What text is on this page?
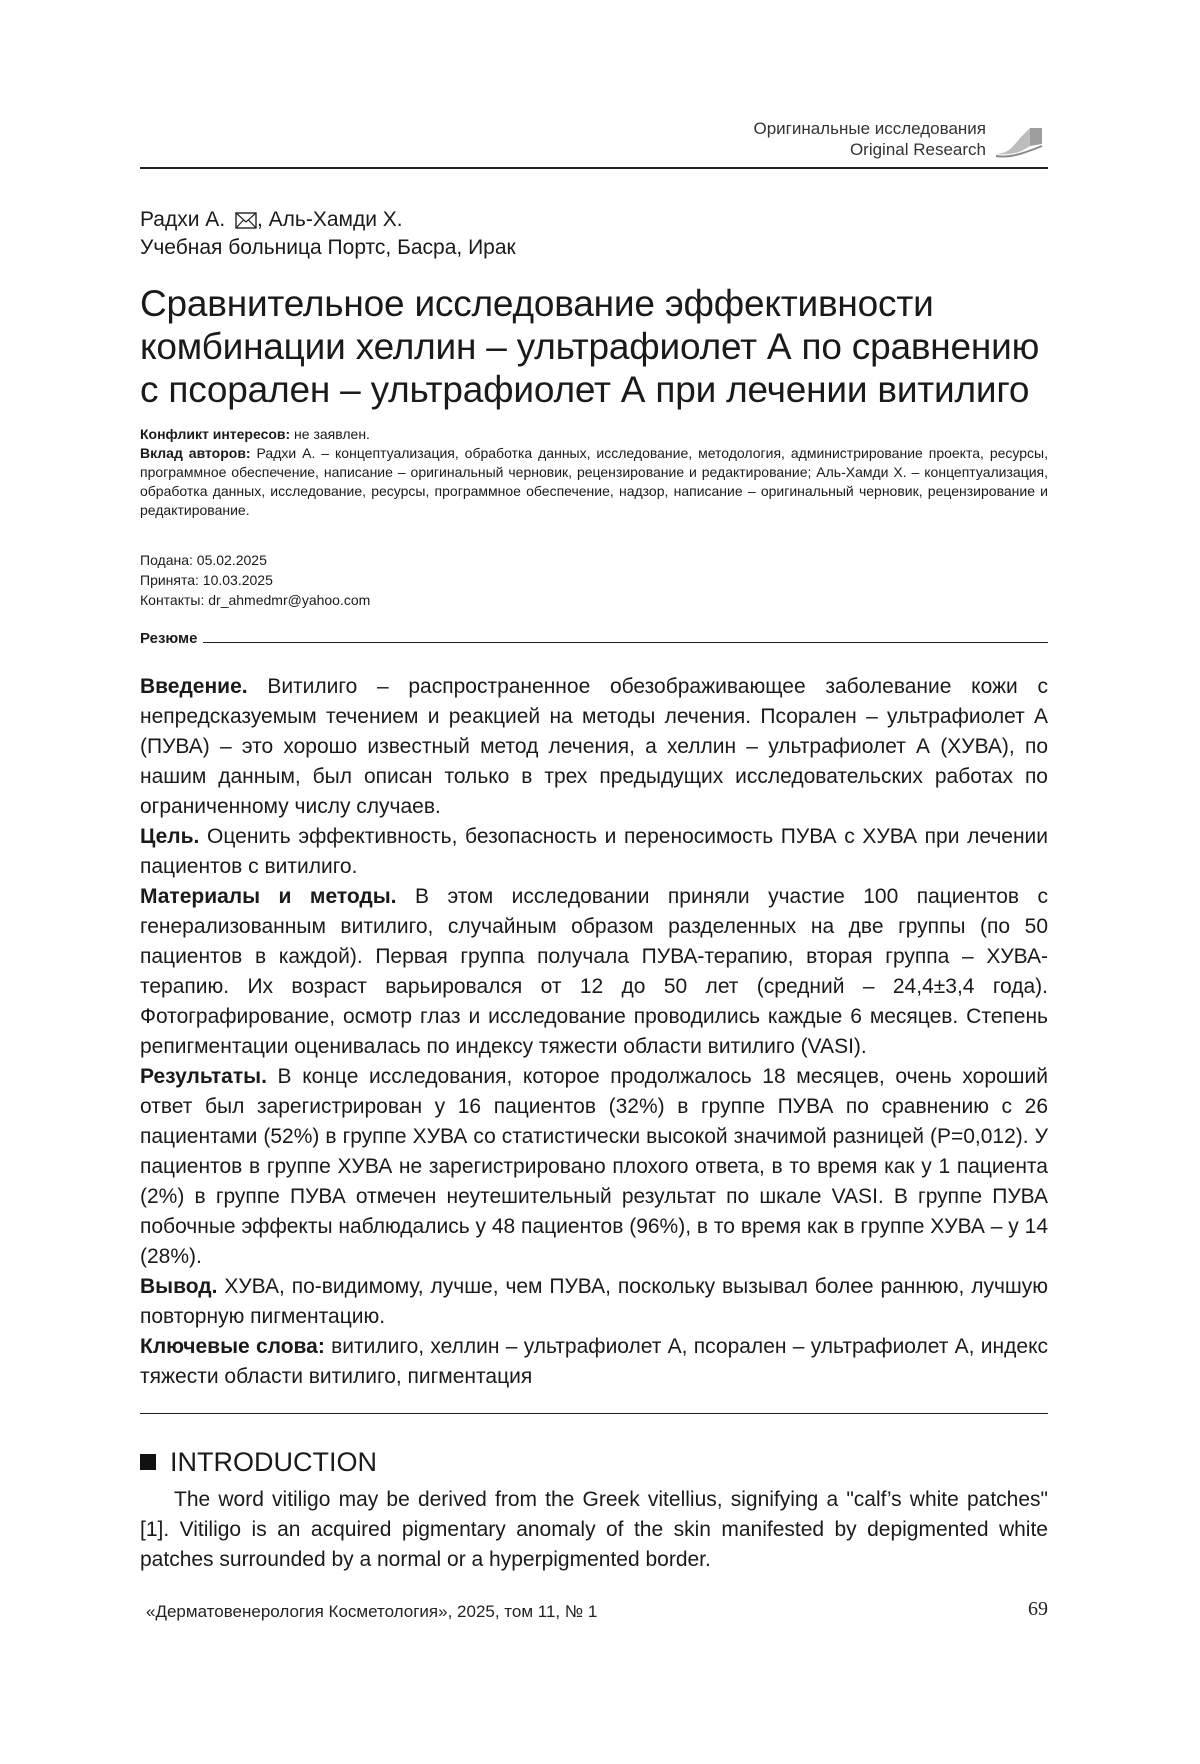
Оригинальные исследования
Original Research
Радхи А. , Аль-Хамди Х.
Учебная больница Портс, Басра, Ирак
Сравнительное исследование эффективности комбинации хеллин – ультрафиолет А по сравнению с псорален – ультрафиолет А при лечении витилиго
Конфликт интересов: не заявлен.
Вклад авторов: Радхи А. – концептуализация, обработка данных, исследование, методология, администрирование проекта, ресурсы, программное обеспечение, написание – оригинальный черновик, рецензирование и редактирование; Аль-Хамди Х. – концептуализация, обработка данных, исследование, ресурсы, программное обеспечение, надзор, написание – оригинальный черновик, рецензирование и редактирование.
Подана: 05.02.2025
Принята: 10.03.2025
Контакты: dr_ahmedmr@yahoo.com
Резюме

Введение. Витилиго – распространенное обезображивающее заболевание кожи с непредсказуемым течением и реакцией на методы лечения. Псорален – ультрафиолет А (ПУВА) – это хорошо известный метод лечения, а хеллин – ультрафиолет А (ХУВА), по нашим данным, был описан только в трех предыдущих исследовательских работах по ограниченному числу случаев.

Цель. Оценить эффективность, безопасность и переносимость ПУВА с ХУВА при лечении пациентов с витилиго.

Материалы и методы. В этом исследовании приняли участие 100 пациентов с генерализованным витилиго, случайным образом разделенных на две группы (по 50 пациентов в каждой). Первая группа получала ПУВА-терапию, вторая группа – ХУВА-терапию. Их возраст варьировался от 12 до 50 лет (средний – 24,4±3,4 года). Фотографирование, осмотр глаз и исследование проводились каждые 6 месяцев. Степень репигментации оценивалась по индексу тяжести области витилиго (VASI).

Результаты. В конце исследования, которое продолжалось 18 месяцев, очень хороший ответ был зарегистрирован у 16 пациентов (32%) в группе ПУВА по сравнению с 26 пациентами (52%) в группе ХУВА со статистически высокой значимой разницей (P=0,012). У пациентов в группе ХУВА не зарегистрировано плохого ответа, в то время как у 1 пациента (2%) в группе ПУВА отмечен неутешительный результат по шкале VASI. В группе ПУВА побочные эффекты наблюдались у 48 пациентов (96%), в то время как в группе ХУВА – у 14 (28%).

Вывод. ХУВА, по-видимому, лучше, чем ПУВА, поскольку вызывал более раннюю, лучшую повторную пигментацию.

Ключевые слова: витилиго, хеллин – ультрафиолет А, псорален – ультрафиолет А, индекс тяжести области витилиго, пигментация

INTRODUCTION

The word vitiligo may be derived from the Greek vitellius, signifying a "calf’s white patches" [1]. Vitiligo is an acquired pigmentary anomaly of the skin manifested by depigmented white patches surrounded by a normal or a hyperpigmented border.

«Дерматовенерология Косметология», 2025, том 11, № 1	69
